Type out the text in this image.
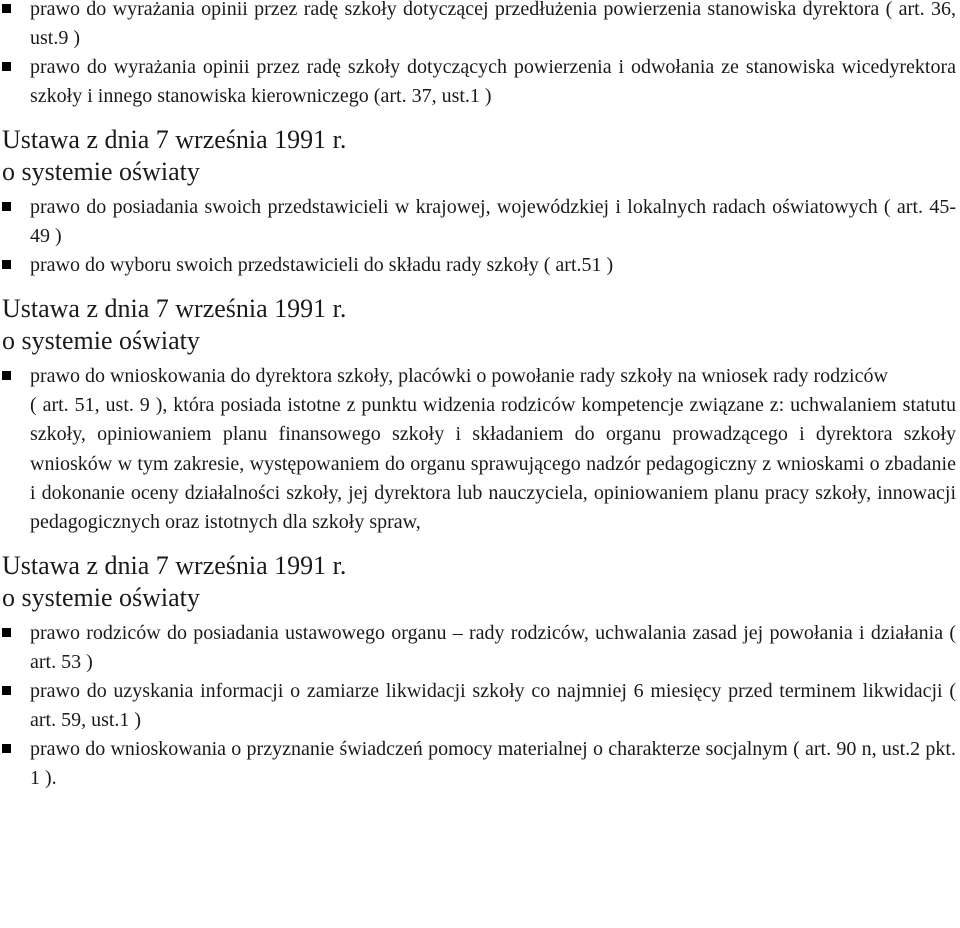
prawo do wyrażania opinii przez radę szkoły dotyczącej przedłużenia powierzenia stanowiska dyrektora ( art. 36, ust.9 )
prawo do wyrażania opinii przez radę szkoły dotyczących powierzenia i odwołania ze stanowiska wicedyrektora szkoły i innego stanowiska kierowniczego (art. 37, ust.1 )
Ustawa z dnia 7 września 1991 r.
o systemie oświaty
prawo do posiadania swoich przedstawicieli w krajowej, wojewódzkiej i lokalnych radach oświatowych ( art. 45-49 )
prawo do wyboru swoich przedstawicieli do składu rady szkoły ( art.51 )
Ustawa z dnia 7 września 1991 r.
o systemie oświaty
prawo do wnioskowania do dyrektora szkoły, placówki o powołanie rady szkoły na wniosek rady rodziców
( art. 51, ust. 9 ), która posiada istotne z punktu widzenia rodziców kompetencje związane z: uchwalaniem statutu szkoły, opiniowaniem planu finansowego szkoły i składaniem do organu prowadzącego i dyrektora szkoły wniosków w tym zakresie, występowaniem do organu sprawującego nadzór pedagogiczny z wnioskami o zbadanie i dokonanie oceny działalności szkoły, jej dyrektora lub nauczyciela, opiniowaniem planu pracy szkoły, innowacji pedagogicznych oraz istotnych dla szkoły spraw,
Ustawa z dnia 7 września 1991 r.
o systemie oświaty
prawo rodziców do posiadania ustawowego organu – rady rodziców, uchwalania zasad jej powołania i działania ( art. 53 )
prawo do uzyskania informacji o zamiarze likwidacji szkoły co najmniej 6 miesięcy przed terminem likwidacji ( art. 59, ust.1 )
prawo do wnioskowania o przyznanie świadczeń pomocy materialnej o charakterze socjalnym ( art. 90 n, ust.2 pkt. 1 ).
